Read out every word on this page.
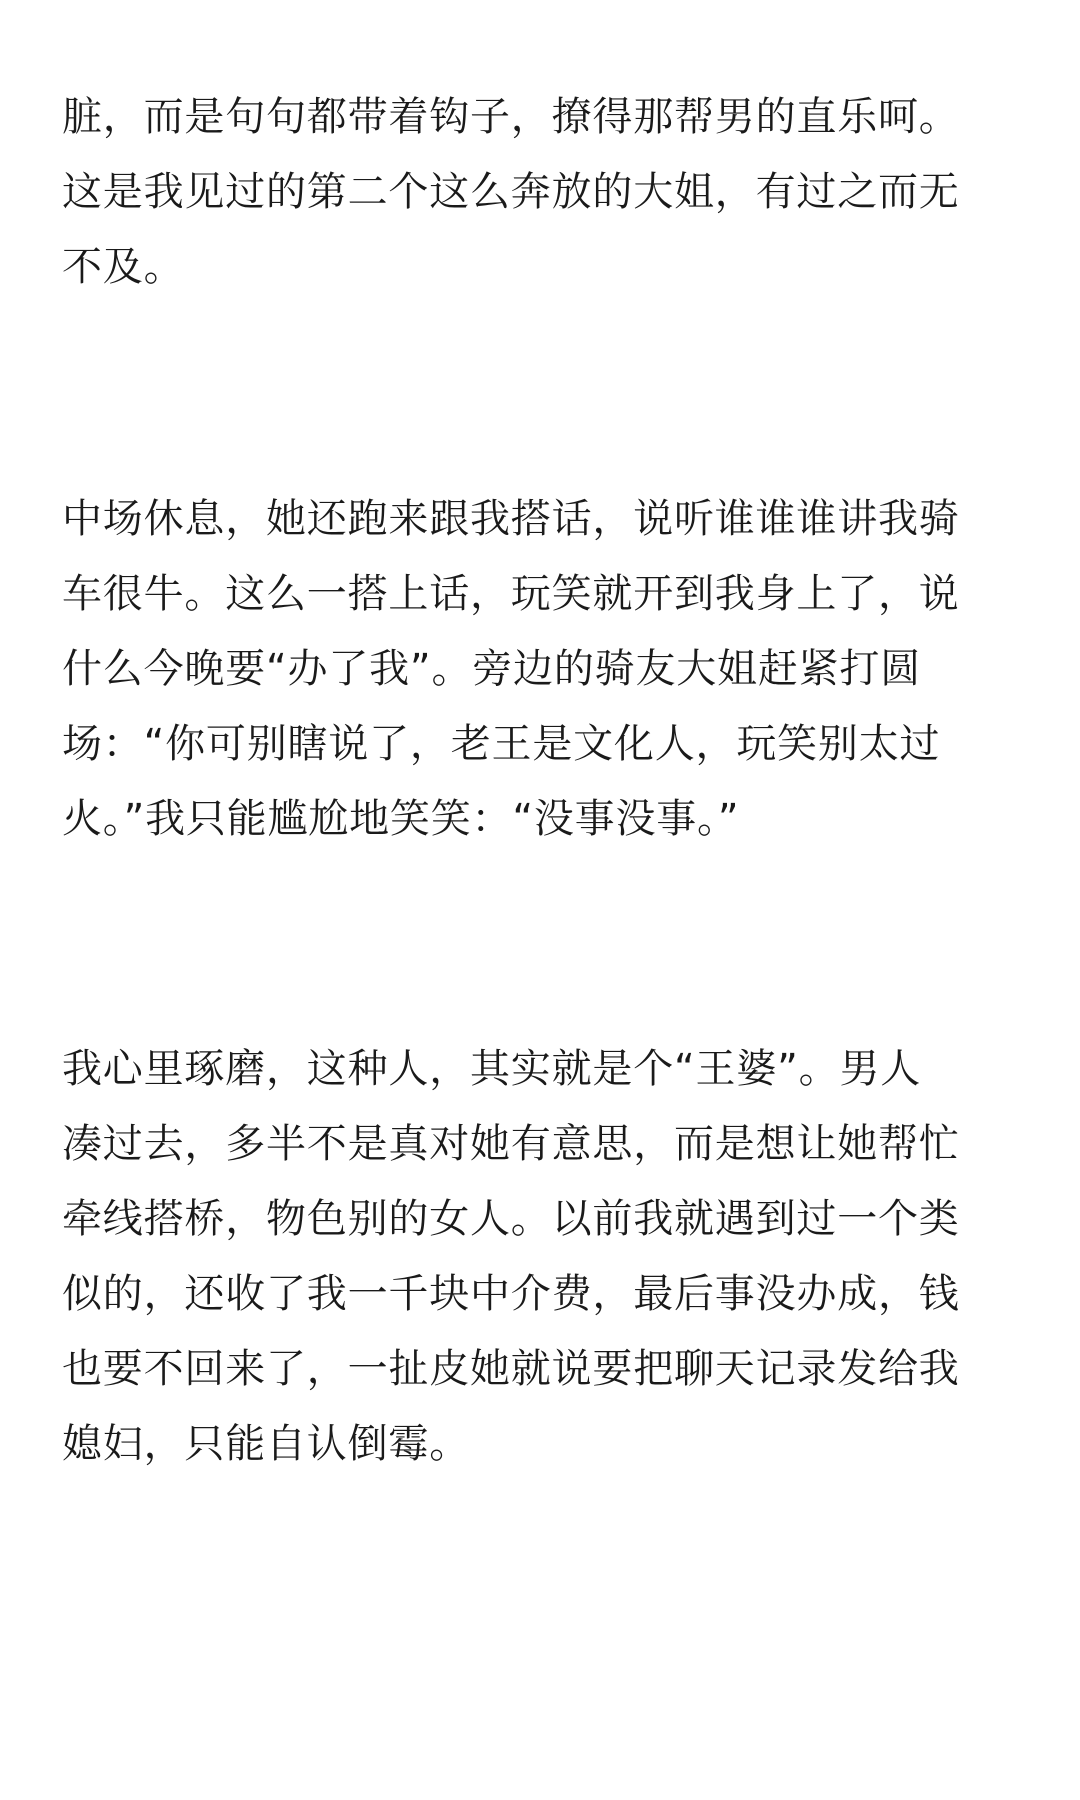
脏，而是句句都带着钩子，撩得那帮男的直乐呵。
这是我见过的第二个这么奔放的大姐，有过之而无
不及。

中场休息，她还跑来跟我搭话，说听谁谁谁讲我骑
车很牛。这么一搭上话，玩笑就开到我身上了，说
什么今晚要“办了我”。旁边的骑友大姐赶紧打圆
场：“你可别瞎说了，老王是文化人，玩笑别太过
火。”我只能尴尬地笑笑：“没事没事。”

我心里琢磨，这种人，其实就是个“王婆”。男人
凑过去，多半不是真对她有意思，而是想让她帮忙
牵线搭桥，物色别的女人。以前我就遇到过一个类
似的，还收了我一千块中介费，最后事没办成，钱
也要不回来了，一扯皮她就说要把聊天记录发给我
媳妇，只能自认倒霉。
